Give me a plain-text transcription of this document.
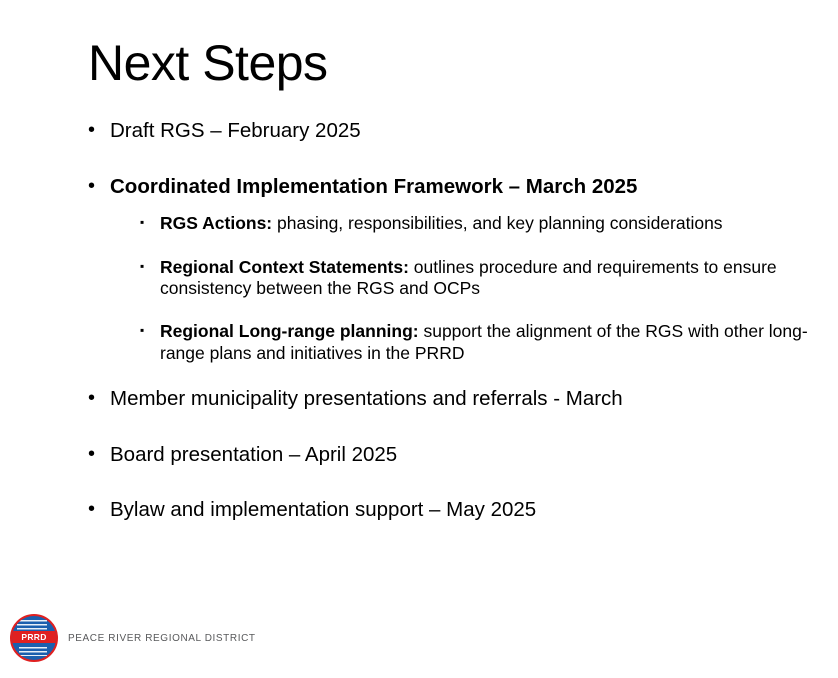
Next Steps
• Draft RGS – February 2025
• Coordinated Implementation Framework – March 2025
▪ RGS Actions: phasing, responsibilities, and key planning considerations
▪ Regional Context Statements: outlines procedure and requirements to ensure consistency between the RGS and OCPs
▪ Regional Long-range planning: support the alignment of the RGS with other long-range plans and initiatives in the PRRD
• Member municipality presentations and referrals - March
• Board presentation – April 2025
• Bylaw and implementation support – May 2025
PRRD	PEACE RIVER REGIONAL DISTRICT
